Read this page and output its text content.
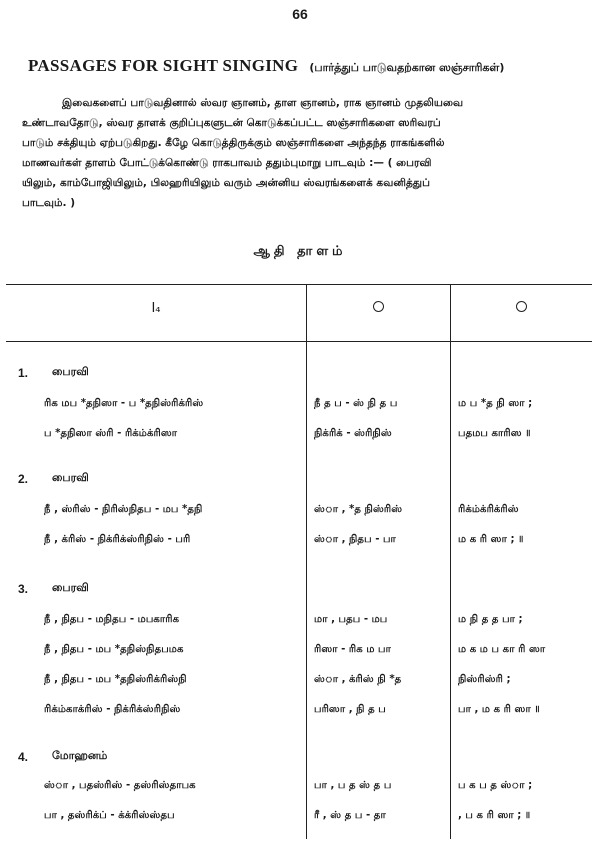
66
PASSAGES FOR SIGHT SINGING (பார்த்துப் பாடுவதற்கான ஸஞ்சாரிகள்)
இவைகளைப் பாடுவதினால் ஸ்வர ஞானம், தாள ஞானம், ராக ஞானம் முதலியவை
உண்டாவதோடு, ஸ்வர தாளக் குறிப்புகளுடன் கொடுக்கப்பட்ட ஸஞ்சாரிகளை ஸரிவரப்
பாடும் சக்தியும் ஏற்படுகிறது. கீழே கொடுத்திருக்கும் ஸஞ்சாரிகளை அந்தந்த ராகங்களில்
மாணவர்கள் தாளம் போட்டுக்கொண்டு ராகபாவம் ததும்புமாறு பாடவும் :— ( பைரவி
யிலும், காம்போஜியிலும், பிலஹரியிலும் வரும் அன்னிய ஸ்வரங்களைக் கவனித்துப்
பாடவும். )
ஆதி தாளம்
I₄
1. பைரவி
ரிக மப *தநிஸா - ப *தநிஸ்ரிக்ரிஸ்	நீ த ப - ஸ் நி த ப	ம ப *த நி ஸா ;
ப *தநிஸா ஸ்ரி - ரிக்ம்க்ரிஸா	நிக்ரிக் - ஸ்ரிநிஸ்	பதமப காரிஸ ॥
2. பைரவி
நீ , ஸ்ரிஸ் - நிரிஸ்நிதப - மப *தநி	ஸ்ா , *த நிஸ்ரிஸ்	ரிக்ம்க்ரிக்ரிஸ்
நீ , க்ரிஸ் - நிக்ரிக்ஸ்ரிநிஸ் - பரி	ஸ்ா , நிதப - பா	ம க ரி ஸா ; ॥
3. பைரவி
நீ , நிதப - மநிதப - மபகாரிக	மா , பதப - மப	ம நி த த பா ;
நீ , நிதப - மப *தநிஸ்நிதபமக	ரிஸா - ரிக ம பா	ம க ம ப கா ரி ஸா
நீ , நிதப - மப *தநிஸ்ரிக்ரிஸ்நி	ஸ்ா , க்ரிஸ் நி *த	நிஸ்ரிஸ்ரி ;
ரிக்ம்காக்ரிஸ் - நிக்ரிக்ஸ்ரிநிஸ்	பரிஸா , நி த ப	பா , ம க ரி ஸா ॥
4. மோஹனம்
ஸ்ா , பதஸ்ரிஸ் - தஸ்ரிஸ்தாபக	பா , ப த ஸ் த ப	ப க ப த ஸ்ா ;
பா , தஸ்ரிக்ப் - க்க்ரிஸ்ஸ்தப	ரீ , ஸ் த ப - தா	, ப க ரி ஸா ; ॥
